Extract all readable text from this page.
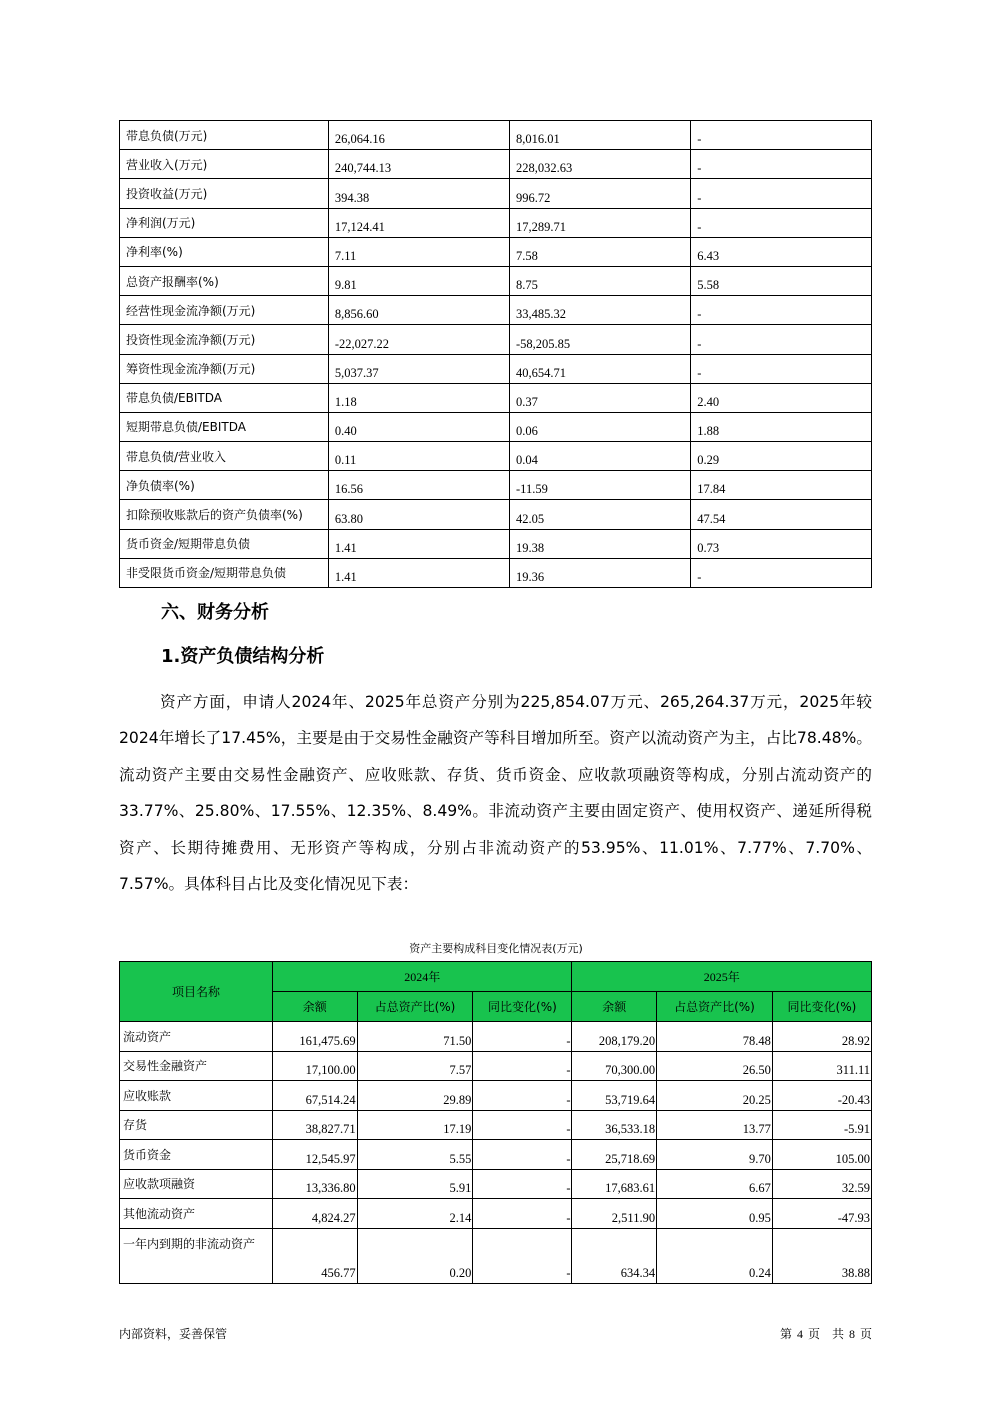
带息负债(万元)	26,064.16	8,016.01	-
营业收入(万元)	240,744.13	228,032.63	-
投资收益(万元)	394.38	996.72	-
净利润(万元)	17,124.41	17,289.71	-
净利率(%)	7.11	7.58	6.43
总资产报酬率(%)	9.81	8.75	5.58
经营性现金流净额(万元)	8,856.60	33,485.32	-
投资性现金流净额(万元)	-22,027.22	-58,205.85	-
筹资性现金流净额(万元)	5,037.37	40,654.71	-
带息负债/EBITDA	1.18	0.37	2.40
短期带息负债/EBITDA	0.40	0.06	1.88
带息负债/营业收入	0.11	0.04	0.29
净负债率(%)	16.56	-11.59	17.84
扣除预收账款后的资产负债率(%)	63.80	42.05	47.54
货币资金/短期带息负债	1.41	19.38	0.73
非受限货币资金/短期带息负债	1.41	19.36	-
六、财务分析
1.资产负债结构分析
资产方面，申请人2024年、2025年总资产分别为225,854.07万元、265,264.37万元，2025年较2024年增长了17.45%，主要是由于交易性金融资产等科目增加所至。资产以流动资产为主，占比78.48%。流动资产主要由交易性金融资产、应收账款、存货、货币资金、应收款项融资等构成，分别占流动资产的33.77%、25.80%、17.55%、12.35%、8.49%。非流动资产主要由固定资产、使用权资产、递延所得税资产、长期待摊费用、无形资产等构成，分别占非流动资产的53.95%、11.01%、7.77%、7.70%、7.57%。具体科目占比及变化情况见下表：
资产主要构成科目变化情况表(万元)
项目名称	2024年			2025年		
	余额	占总资产比(%)	同比变化(%)	余额	占总资产比(%)	同比变化(%)
流动资产	161,475.69	71.50	-	208,179.20	78.48	28.92
交易性金融资产	17,100.00	7.57	-	70,300.00	26.50	311.11
应收账款	67,514.24	29.89	-	53,719.64	20.25	-20.43
存货	38,827.71	17.19	-	36,533.18	13.77	-5.91
货币资金	12,545.97	5.55	-	25,718.69	9.70	105.00
应收款项融资	13,336.80	5.91	-	17,683.61	6.67	32.59
其他流动资产	4,824.27	2.14	-	2,511.90	0.95	-47.93
一年内到期的非流动资产	456.77	0.20	-	634.34	0.24	38.88
内部资料，妥善保管	第 4 页　共 8 页
